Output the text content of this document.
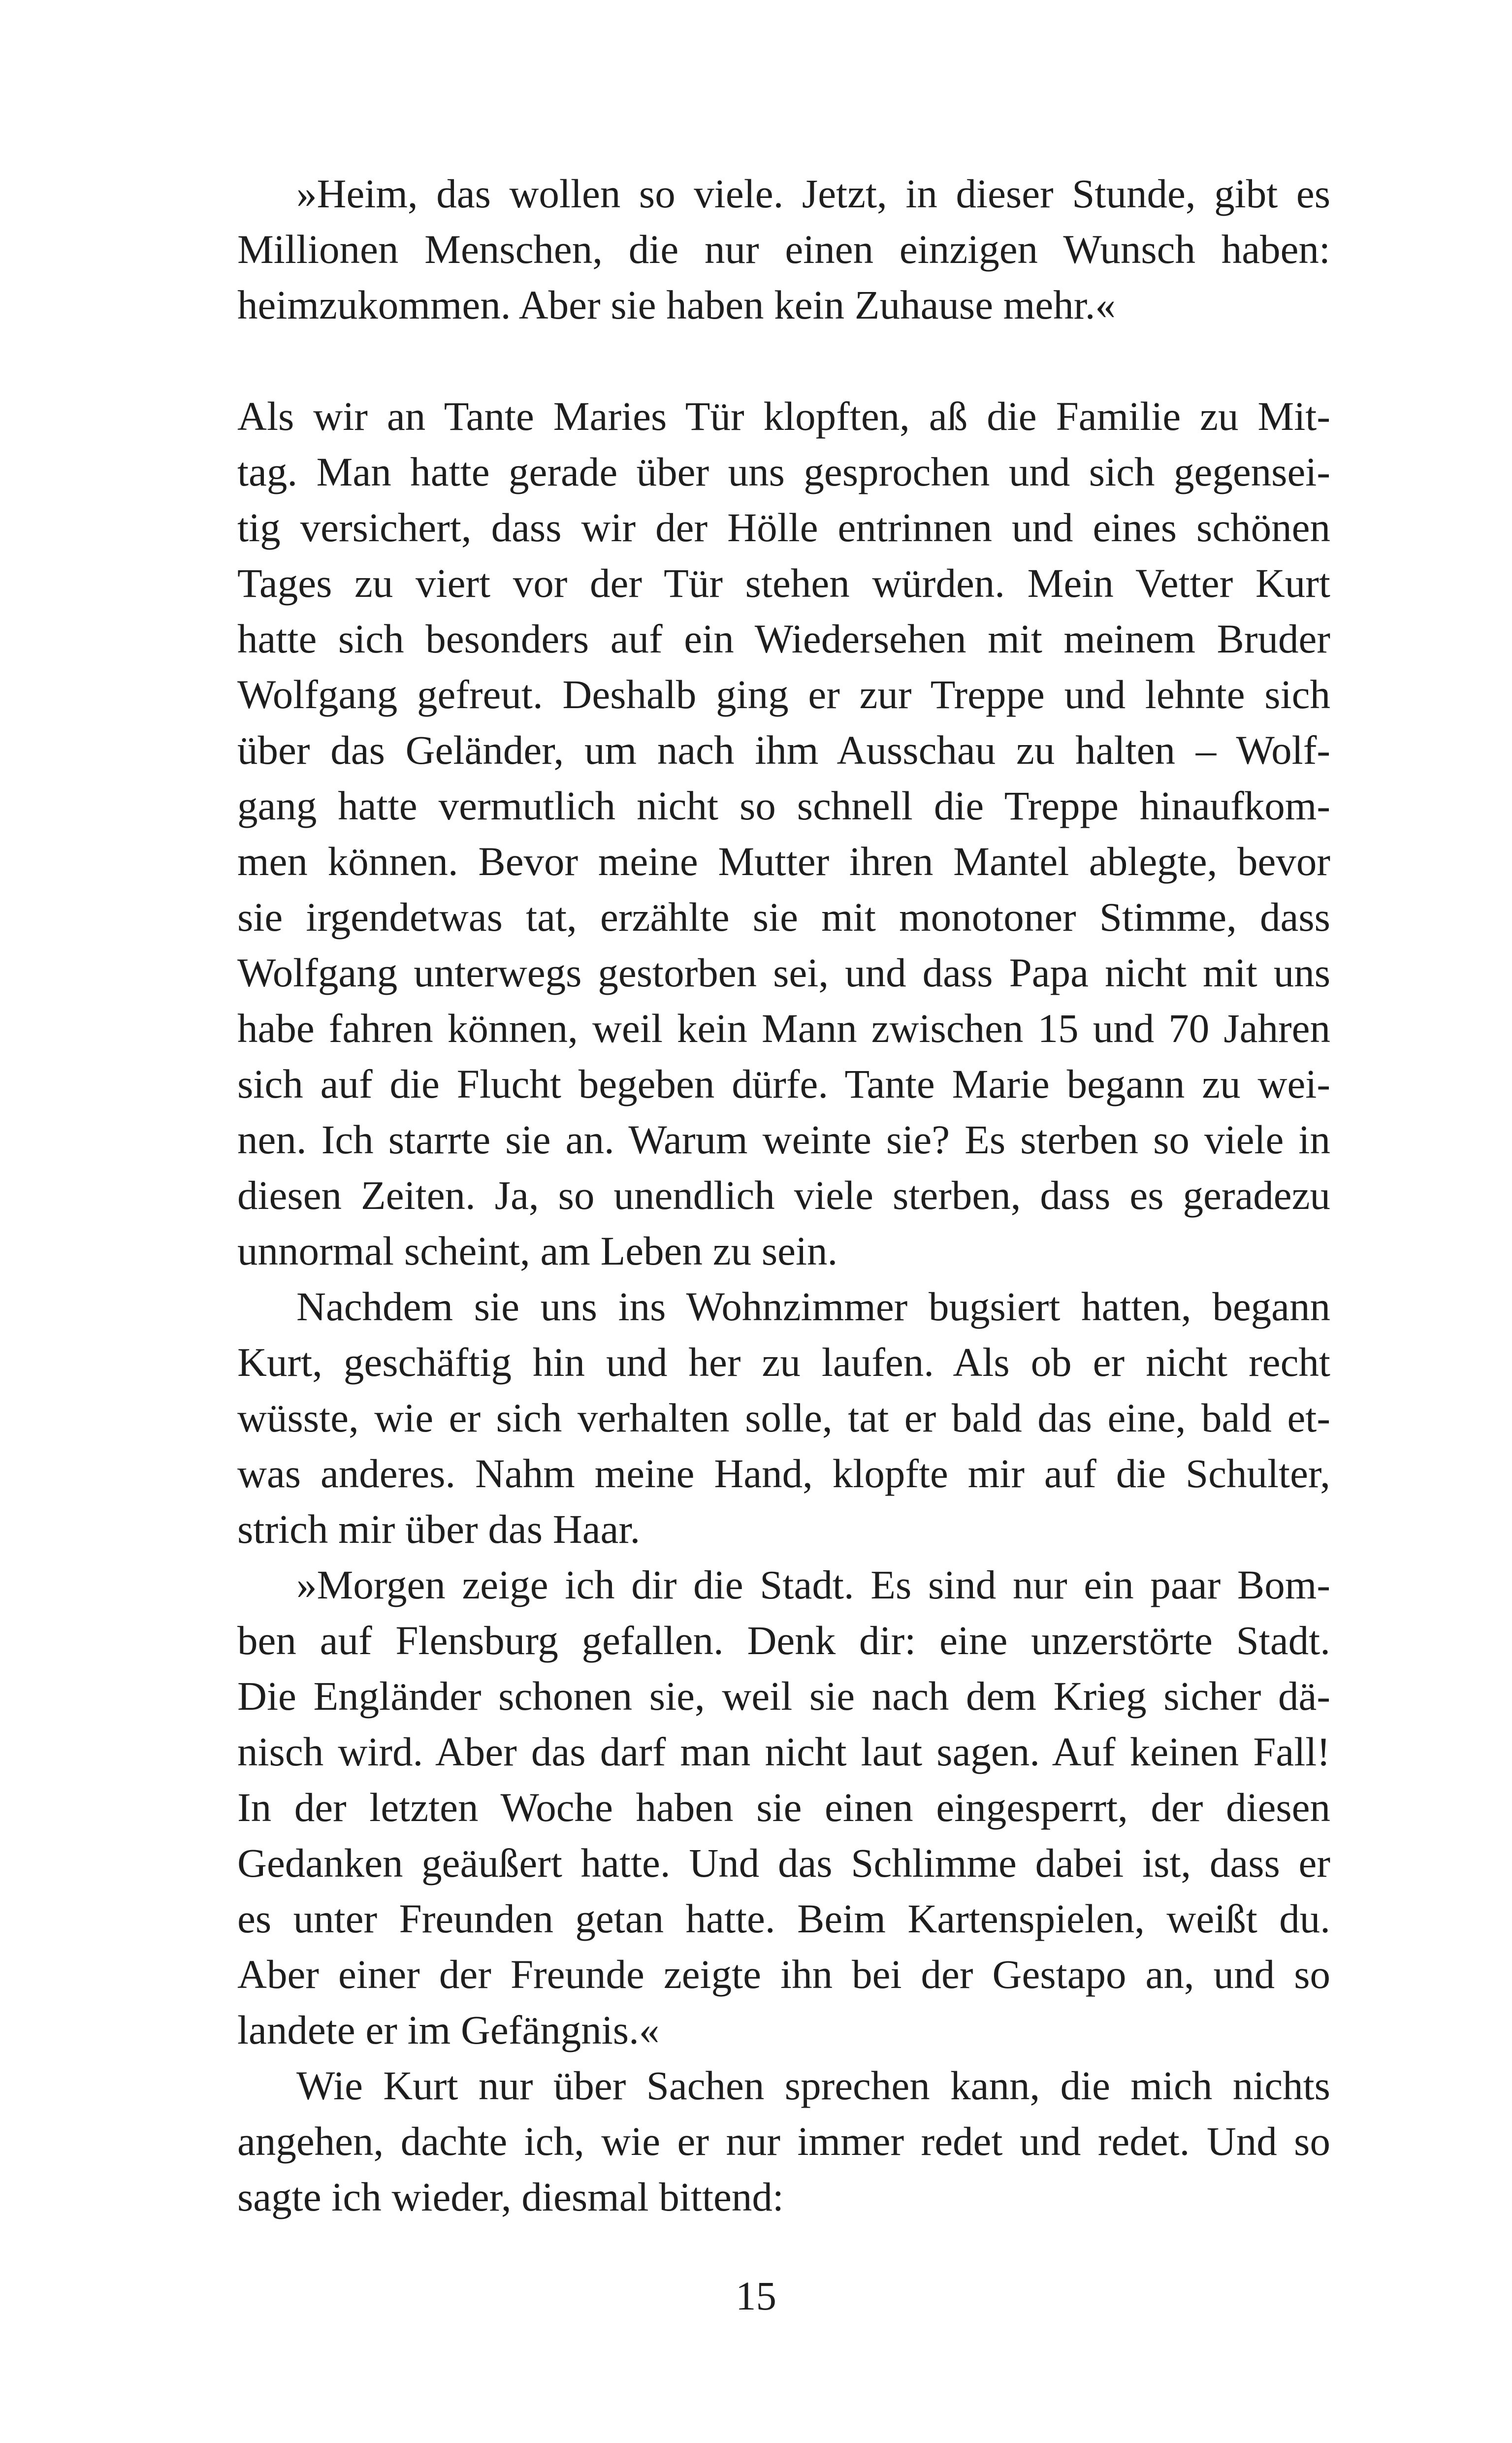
»Heim, das wollen so viele. Jetzt, in dieser Stunde, gibt es
Millionen Menschen, die nur einen einzigen Wunsch haben:
heimzukommen. Aber sie haben kein Zuhause mehr.«
Als wir an Tante Maries Tür klopften, aß die Familie zu Mit-
tag. Man hatte gerade über uns gesprochen und sich gegensei-
tig versichert, dass wir der Hölle entrinnen und eines schönen
Tages zu viert vor der Tür stehen würden. Mein Vetter Kurt
hatte sich besonders auf ein Wiedersehen mit meinem Bruder
Wolfgang gefreut. Deshalb ging er zur Treppe und lehnte sich
über das Geländer, um nach ihm Ausschau zu halten – Wolf-
gang hatte vermutlich nicht so schnell die Treppe hinaufkom-
men können. Bevor meine Mutter ihren Mantel ablegte, bevor
sie irgendetwas tat, erzählte sie mit monotoner Stimme, dass
Wolfgang unterwegs gestorben sei, und dass Papa nicht mit uns
habe fahren können, weil kein Mann zwischen 15 und 70 Jahren
sich auf die Flucht begeben dürfe. Tante Marie begann zu wei-
nen. Ich starrte sie an. Warum weinte sie? Es sterben so viele in
diesen Zeiten. Ja, so unendlich viele sterben, dass es geradezu
unnormal scheint, am Leben zu sein.
Nachdem sie uns ins Wohnzimmer bugsiert hatten, begann
Kurt, geschäftig hin und her zu laufen. Als ob er nicht recht
wüsste, wie er sich verhalten solle, tat er bald das eine, bald et-
was anderes. Nahm meine Hand, klopfte mir auf die Schulter,
strich mir über das Haar.
»Morgen zeige ich dir die Stadt. Es sind nur ein paar Bom-
ben auf Flensburg gefallen. Denk dir: eine unzerstörte Stadt.
Die Engländer schonen sie, weil sie nach dem Krieg sicher dä-
nisch wird. Aber das darf man nicht laut sagen. Auf keinen Fall!
In der letzten Woche haben sie einen eingesperrt, der diesen
Gedanken geäußert hatte. Und das Schlimme dabei ist, dass er
es unter Freunden getan hatte. Beim Kartenspielen, weißt du.
Aber einer der Freunde zeigte ihn bei der Gestapo an, und so
landete er im Gefängnis.«
Wie Kurt nur über Sachen sprechen kann, die mich nichts
angehen, dachte ich, wie er nur immer redet und redet. Und so
sagte ich wieder, diesmal bittend:
15
